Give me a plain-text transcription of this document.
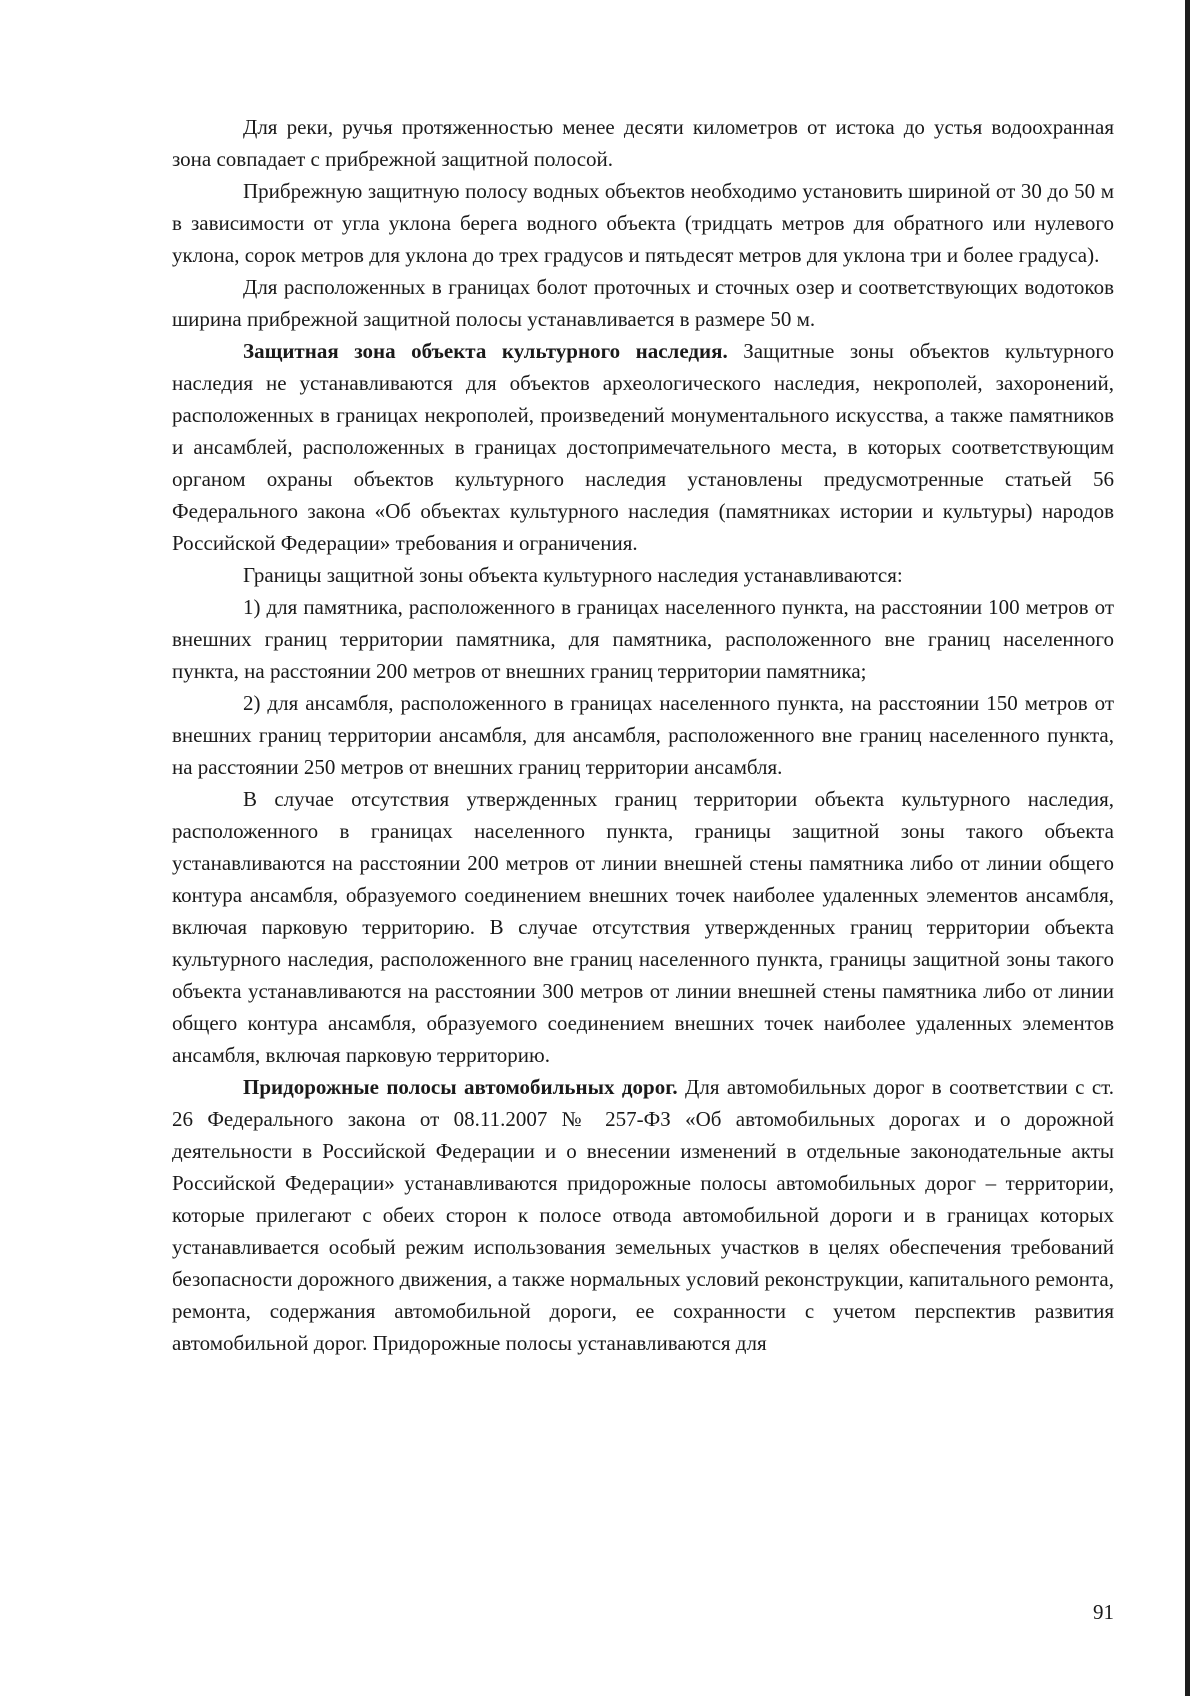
Для реки, ручья протяженностью менее десяти километров от истока до устья водоохранная зона совпадает с прибрежной защитной полосой.

Прибрежную защитную полосу водных объектов необходимо установить шириной от 30 до 50 м в зависимости от угла уклона берега водного объекта (тридцать метров для обратного или нулевого уклона, сорок метров для уклона до трех градусов и пятьдесят метров для уклона три и более градуса).

Для расположенных в границах болот проточных и сточных озер и соответствующих водотоков ширина прибрежной защитной полосы устанавливается в размере 50 м.

Защитная зона объекта культурного наследия. Защитные зоны объектов культурного наследия не устанавливаются для объектов археологического наследия, некрополей, захоронений, расположенных в границах некрополей, произведений монументального искусства, а также памятников и ансамблей, расположенных в границах достопримечательного места, в которых соответствующим органом охраны объектов культурного наследия установлены предусмотренные статьей 56 Федерального закона «Об объектах культурного наследия (памятниках истории и культуры) народов Российской Федерации» требования и ограничения.

Границы защитной зоны объекта культурного наследия устанавливаются:

1) для памятника, расположенного в границах населенного пункта, на расстоянии 100 метров от внешних границ территории памятника, для памятника, расположенного вне границ населенного пункта, на расстоянии 200 метров от внешних границ территории памятника;

2) для ансамбля, расположенного в границах населенного пункта, на расстоянии 150 метров от внешних границ территории ансамбля, для ансамбля, расположенного вне границ населенного пункта, на расстоянии 250 метров от внешних границ территории ансамбля.

В случае отсутствия утвержденных границ территории объекта культурного наследия, расположенного в границах населенного пункта, границы защитной зоны такого объекта устанавливаются на расстоянии 200 метров от линии внешней стены памятника либо от линии общего контура ансамбля, образуемого соединением внешних точек наиболее удаленных элементов ансамбля, включая парковую территорию. В случае отсутствия утвержденных границ территории объекта культурного наследия, расположенного вне границ населенного пункта, границы защитной зоны такого объекта устанавливаются на расстоянии 300 метров от линии внешней стены памятника либо от линии общего контура ансамбля, образуемого соединением внешних точек наиболее удаленных элементов ансамбля, включая парковую территорию.

Придорожные полосы автомобильных дорог. Для автомобильных дорог в соответствии с ст. 26 Федерального закона от 08.11.2007 № 257-ФЗ «Об автомобильных дорогах и о дорожной деятельности в Российской Федерации и о внесении изменений в отдельные законодательные акты Российской Федерации» устанавливаются придорожные полосы автомобильных дорог – территории, которые прилегают с обеих сторон к полосе отвода автомобильной дороги и в границах которых устанавливается особый режим использования земельных участков в целях обеспечения требований безопасности дорожного движения, а также нормальных условий реконструкции, капитального ремонта, ремонта, содержания автомобильной дороги, ее сохранности с учетом перспектив развития автомобильной дорог. Придорожные полосы устанавливаются для

91
